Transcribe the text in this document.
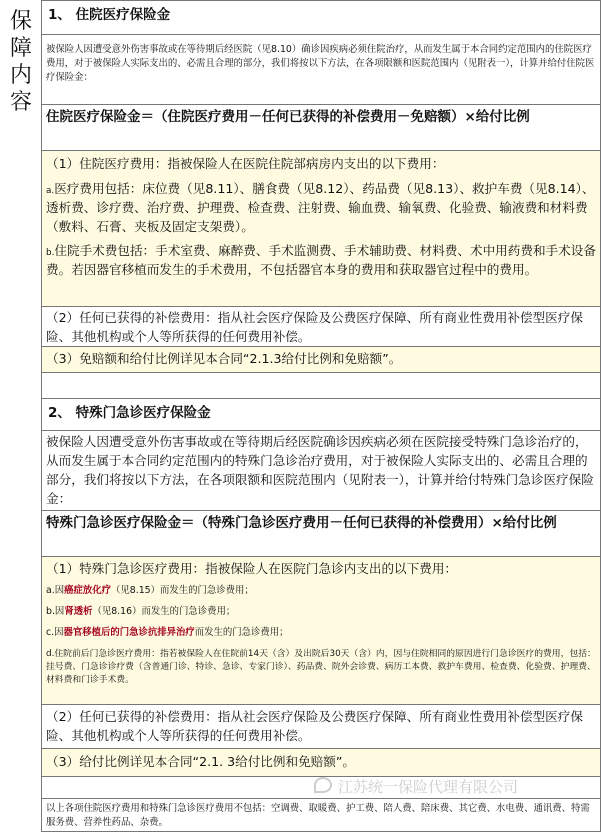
保障内容
1、 住院医疗保险金
被保险人因遭受意外伤害事故或在等待期后经医院（见8.10）确诊因疾病必须住院治疗，从而发生属于本合同约定范围内的住院医疗费用，对于被保险人实际支出的、必需且合理的部分，我们将按以下方法，在各项限额和医院范围内（见附表一），计算并给付住院医疗保险金：
住院医疗保险金＝（住院医疗费用－任何已获得的补偿费用－免赔额）×给付比例
（1）住院医疗费用：指被保险人在医院住院部病房内支出的以下费用：
a.医疗费用包括：床位费（见8.11）、膳食费（见8.12）、药品费（见8.13）、救护车费（见8.14）、透析费、诊疗费、治疗费、护理费、检查费、注射费、输血费、输氧费、化验费、输液费和材料费（敷料、石膏、夹板及固定支架费）。
b.住院手术费包括：手术室费、麻醉费、手术监测费、手术辅助费、材料费、术中用药费和手术设备费。若因器官移植而发生的手术费用，不包括器官本身的费用和获取器官过程中的费用。
（2）任何已获得的补偿费用：指从社会医疗保险及公费医疗保障、所有商业性费用补偿型医疗保险、其他机构或个人等所获得的任何费用补偿。
（3）免赔额和给付比例详见本合同“2.1.3给付比例和免赔额”。
2、 特殊门急诊医疗保险金
被保险人因遭受意外伤害事故或在等待期后经医院确诊因疾病必须在医院接受特殊门急诊治疗的，从而发生属于本合同约定范围内的特殊门急诊治疗费用，对于被保险人实际支出的、必需且合理的部分，我们将按以下方法，在各项限额和医院范围内（见附表一），计算并给付特殊门急诊医疗保险金：
特殊门急诊医疗保险金＝（特殊门急诊医疗费用－任何已获得的补偿费用）×给付比例
（1）特殊门急诊医疗费用：指被保险人在医院门急诊内支出的以下费用：
a.因癌症放化疗（见8.15）而发生的门急诊费用；
b.因肾透析（见8.16）而发生的门急诊费用；
c.因器官移植后的门急诊抗排异治疗而发生的门急诊费用；
d.住院前后门急诊医疗费用：指若被保险人在住院前14天（含）及出院后30天（含）内，因与住院相同的原因进行门急诊医疗的费用，包括：挂号费、门急诊诊疗费（含普通门诊、特诊、急诊、专家门诊）、药品费、院外会诊费、病历工本费、救护车费用、检查费、化验费、护理费、材料费和门诊手术费。
（2）任何已获得的补偿费用：指从社会医疗保险及公费医疗保障、所有商业性费用补偿型医疗保险、其他机构或个人等所获得的任何费用补偿。
（3）给付比例详见本合同“2.1. 3给付比例和免赔额”。
以上各项住院医疗费用和特殊门急诊医疗费用不包括：空调费、取暖费、护工费、陪人费、陪床费、其它费、水电费、通讯费、特需服务费、营养性药品、杂费。
江苏统一保险代理有限公司
